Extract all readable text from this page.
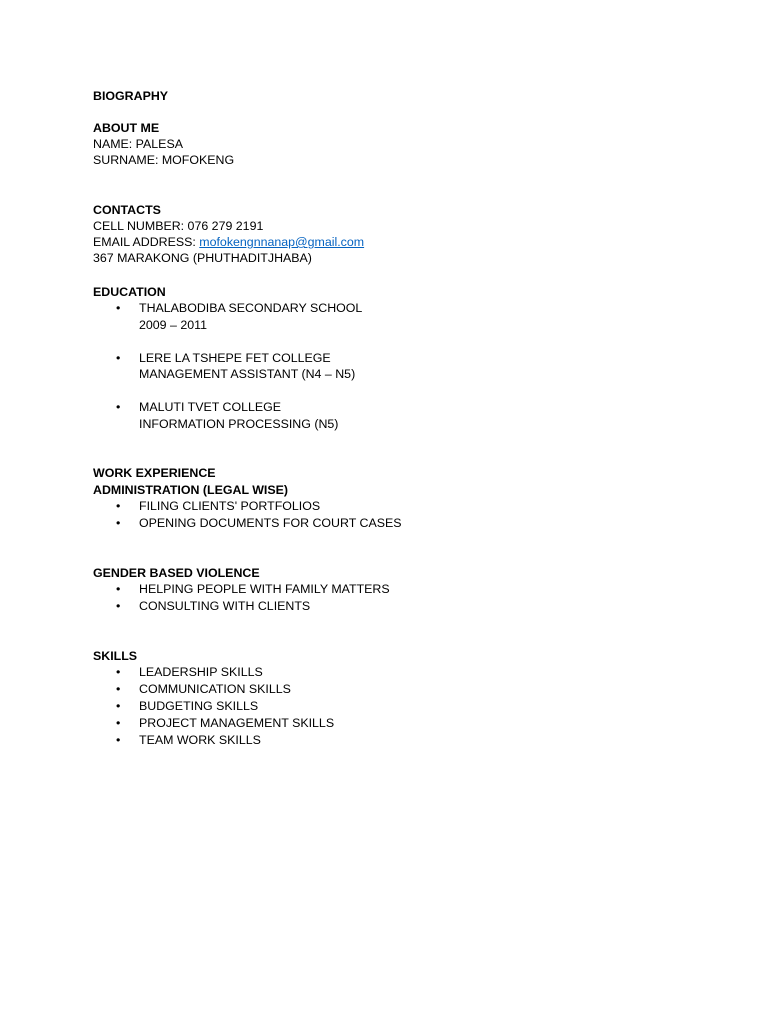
BIOGRAPHY
ABOUT ME
NAME: PALESA
SURNAME: MOFOKENG
CONTACTS
CELL NUMBER: 076 279 2191
EMAIL ADDRESS: mofokengnnanap@gmail.com
367 MARAKONG (PHUTHADITJHABA)
EDUCATION
• THALABODIBA SECONDARY SCHOOL
2009 – 2011
• LERE LA TSHEPE FET COLLEGE
MANAGEMENT ASSISTANT (N4 – N5)
• MALUTI TVET COLLEGE
INFORMATION PROCESSING (N5)
WORK EXPERIENCE
ADMINISTRATION (LEGAL WISE)
• FILING CLIENTS' PORTFOLIOS
• OPENING DOCUMENTS FOR COURT CASES
GENDER BASED VIOLENCE
• HELPING PEOPLE WITH FAMILY MATTERS
• CONSULTING WITH CLIENTS
SKILLS
• LEADERSHIP SKILLS
• COMMUNICATION SKILLS
• BUDGETING SKILLS
• PROJECT MANAGEMENT SKILLS
• TEAM WORK SKILLS
